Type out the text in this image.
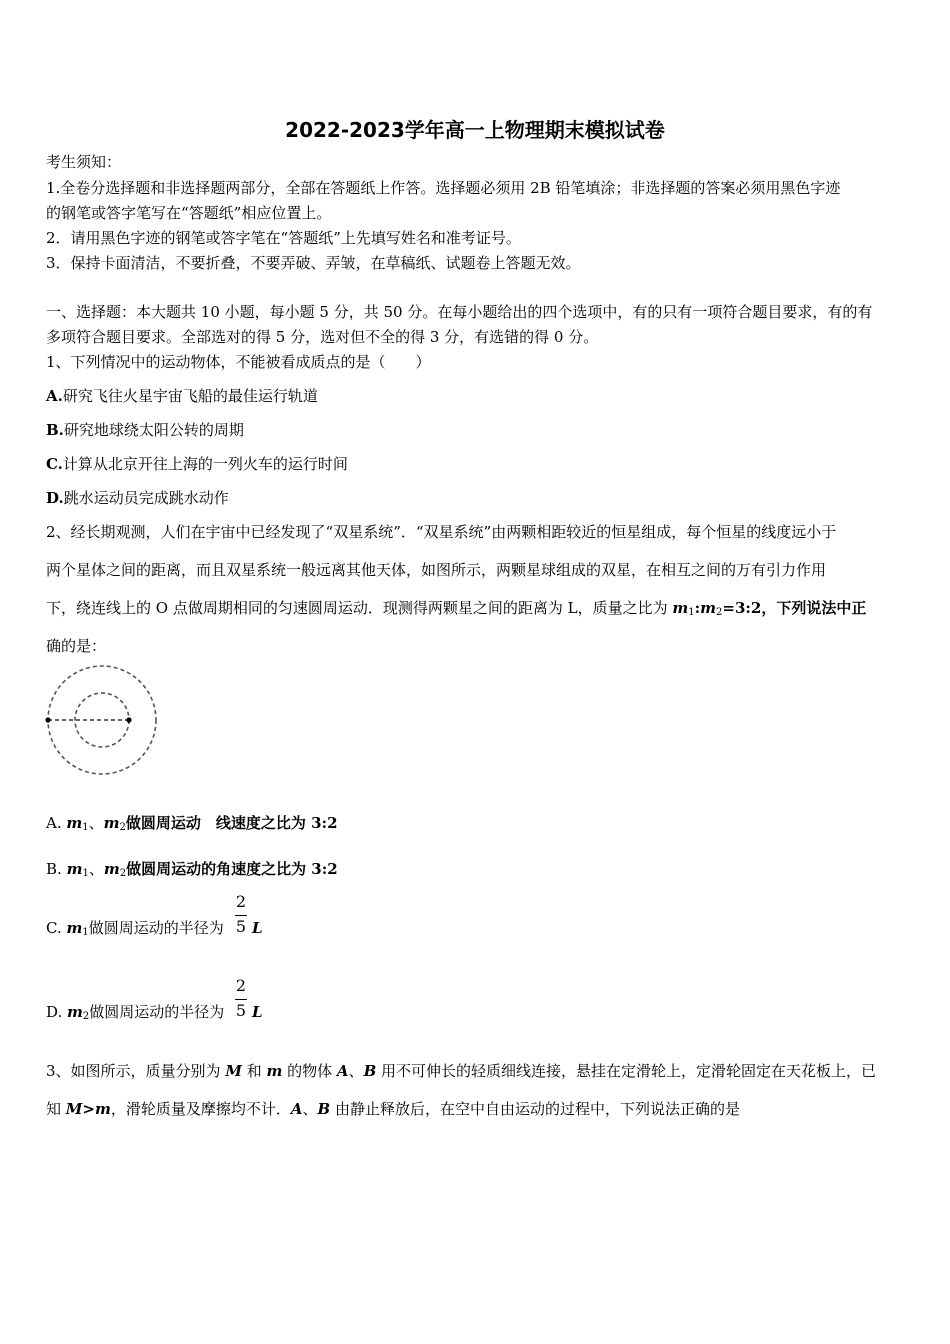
2022-2023学年高一上物理期末模拟试卷
考生须知：
1.全卷分选择题和非选择题两部分，全部在答题纸上作答。选择题必须用 2B 铅笔填涂；非选择题的答案必须用黑色字迹
的钢笔或答字笔写在“答题纸”相应位置上。
2．请用黑色字迹的钢笔或答字笔在“答题纸”上先填写姓名和准考证号。
3．保持卡面清洁，不要折叠，不要弄破、弄皱，在草稿纸、试题卷上答题无效。
一、选择题：本大题共 10 小题，每小题 5 分，共 50 分。在每小题给出的四个选项中，有的只有一项符合题目要求，有的有
多项符合题目要求。全部选对的得 5 分，选对但不全的得 3 分，有选错的得 0 分。
1、下列情况中的运动物体，不能被看成质点的是（　　）
A.研究飞往火星宇宙飞船的最佳运行轨道
B.研究地球绕太阳公转的周期
C.计算从北京开往上海的一列火车的运行时间
D.跳水运动员完成跳水动作
2、经长期观测，人们在宇宙中已经发现了“双星系统”．“双星系统”由两颗相距较近的恒星组成，每个恒星的线度远小于
两个星体之间的距离，而且双星系统一般远离其他天体，如图所示，两颗星球组成的双星，在相互之间的万有引力作用
下，绕连线上的 O 点做周期相同的匀速圆周运动．现测得两颗星之间的距离为 L，质量之比为 $m_1:m_2=3:2$，下列说法中正
确的是：
A. $m_1$、$m_2$做圆周运动　线速度之比为 3:2
B. $m_1$、$m_2$做圆周运动的角速度之比为 3:2
C. $m_1$做圆周运动的半径为
2
5 L
D. $m_2$做圆周运动的半径为
2
5 L
3、如图所示，质量分别为 M 和 m 的物体 A、B 用不可伸长的轻质细线连接，悬挂在定滑轮上，定滑轮固定在天花板上，已
知 M>m，滑轮质量及摩擦均不计．A、B 由静止释放后，在空中自由运动的过程中，下列说法正确的是
